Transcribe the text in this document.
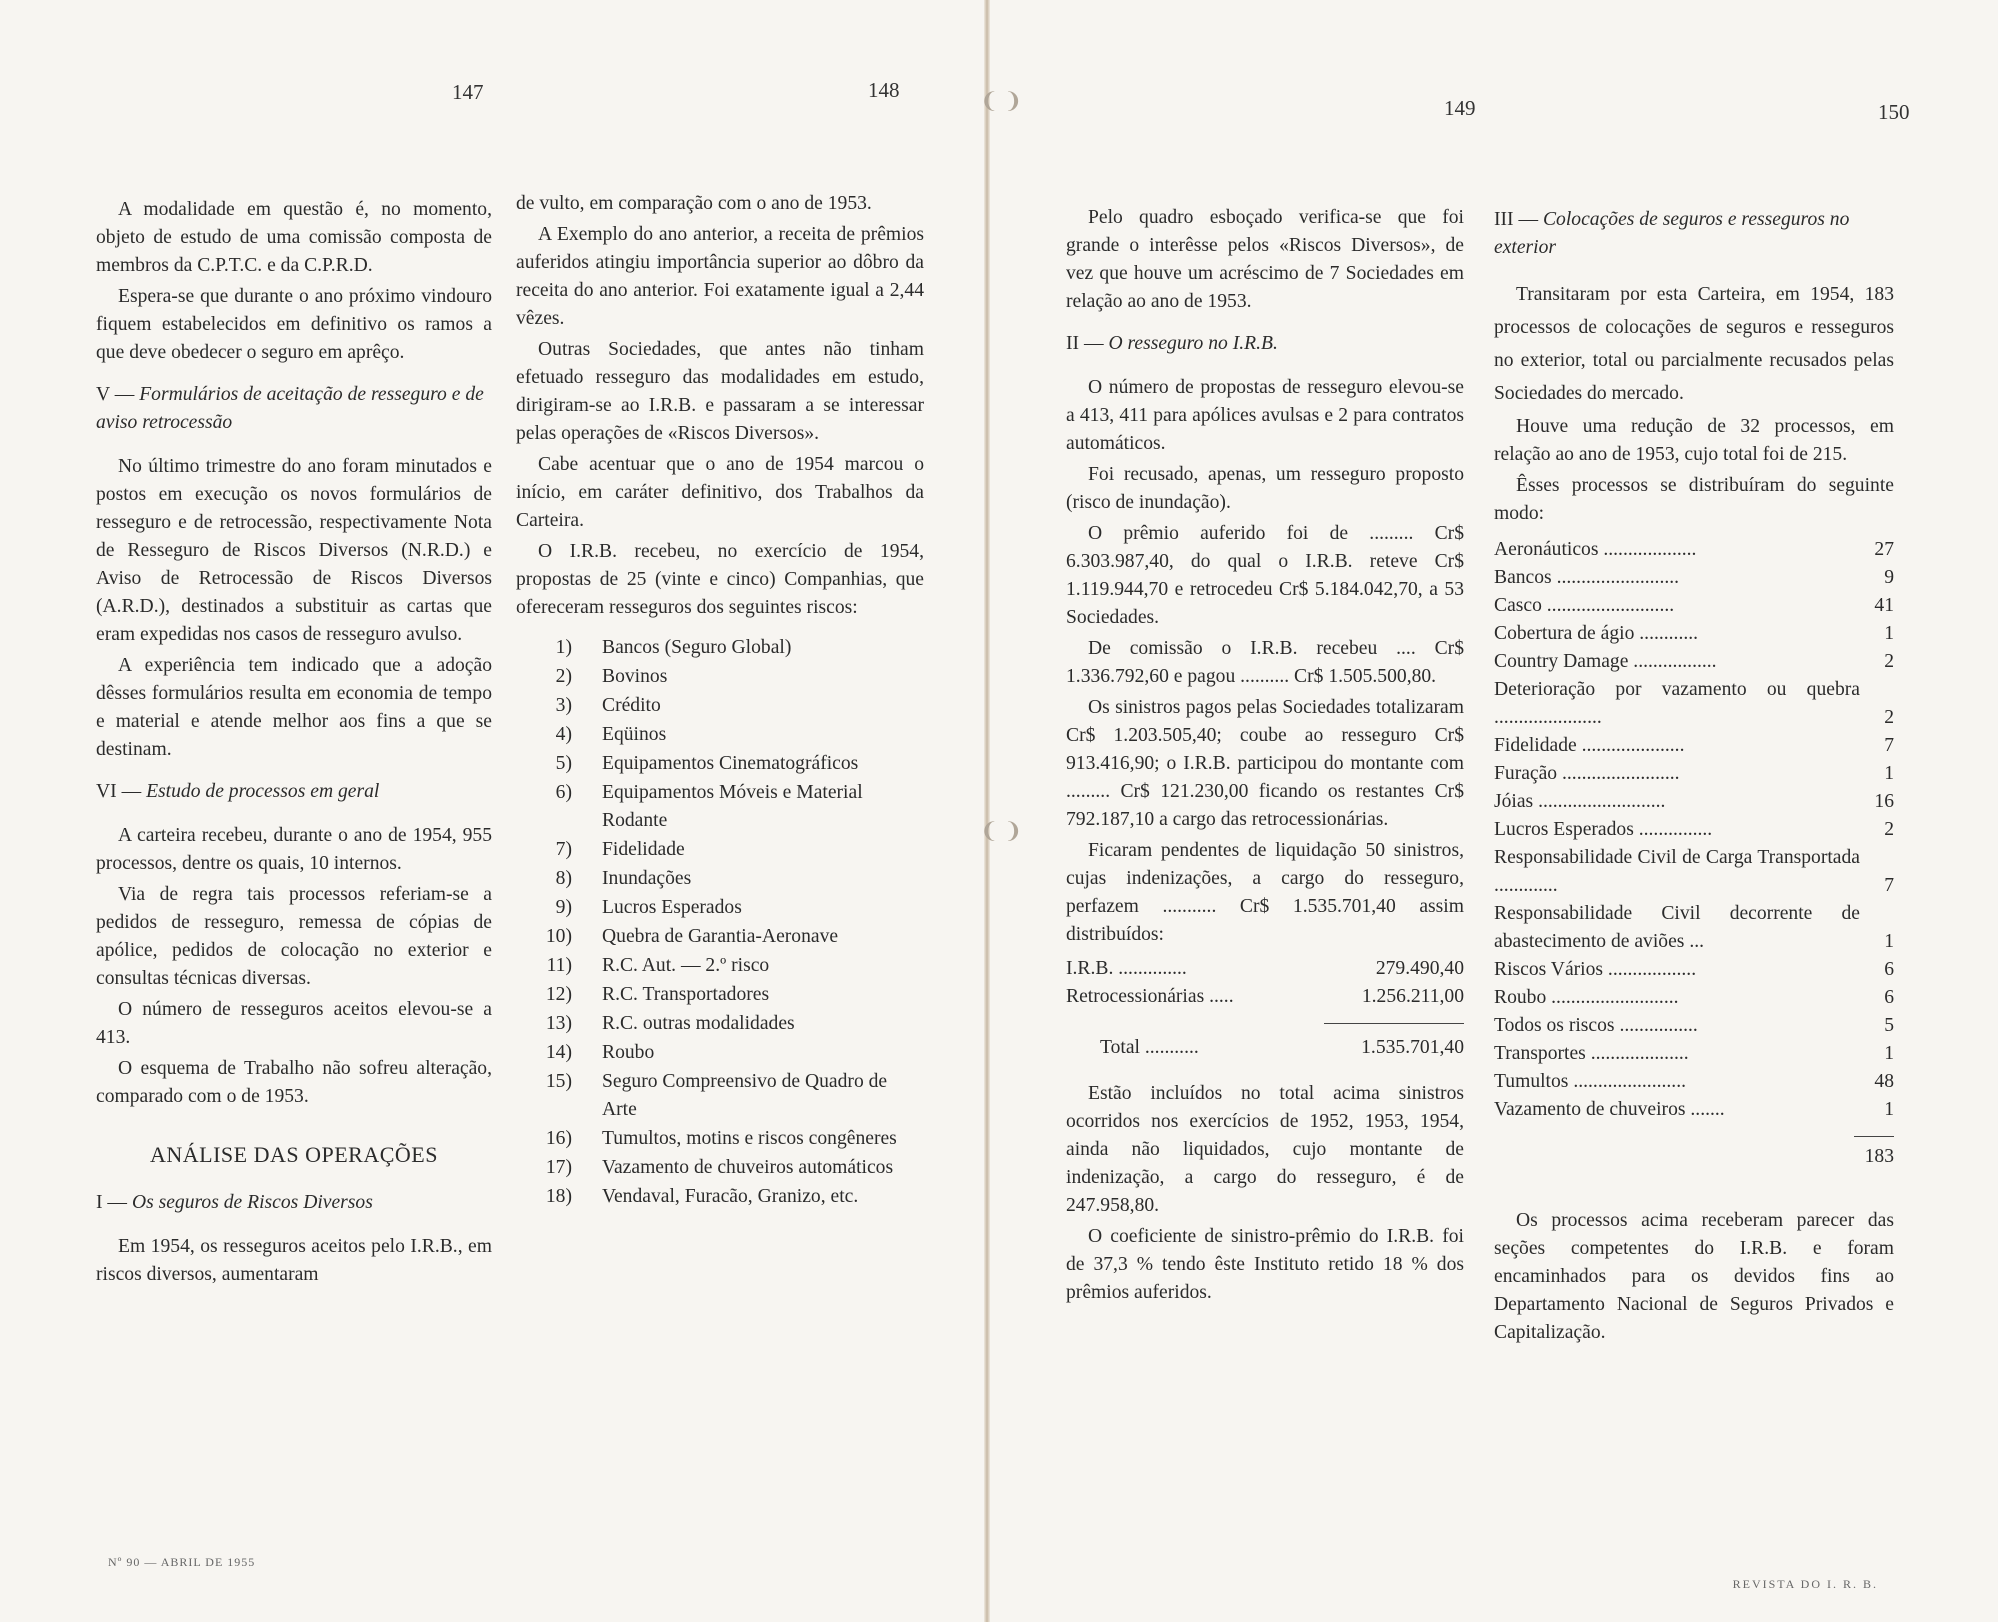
❨ ❩
❨ ❩
147	148

A modalidade em questão é, no momento, objeto de estudo de uma comissão composta de membros da C.P.T.C. e da C.P.R.D.

Espera-se que durante o ano próximo vindouro fiquem estabelecidos em definitivo os ramos a que deve obedecer o seguro em aprêço.

V — Formulários de aceitação de resseguro e de aviso retrocessão

No último trimestre do ano foram minutados e postos em execução os novos formulários de resseguro e de retrocessão, respectivamente Nota de Resseguro de Riscos Diversos (N.R.D.) e Aviso de Retrocessão de Riscos Diversos (A.R.D.), destinados a substituir as cartas que eram expedidas nos casos de resseguro avulso.

A experiência tem indicado que a adoção dêsses formulários resulta em economia de tempo e material e atende melhor aos fins a que se destinam.

VI — Estudo de processos em geral

A carteira recebeu, durante o ano de 1954, 955 processos, dentre os quais, 10 internos.

Via de regra tais processos referiam-se a pedidos de resseguro, remessa de cópias de apólice, pedidos de colocação no exterior e consultas técnicas diversas.

O número de resseguros aceitos elevou-se a 413.

O esquema de Trabalho não sofreu alteração, comparado com o de 1953.

ANÁLISE DAS OPERAÇÕES

I — Os seguros de Riscos Diversos

Em 1954, os resseguros aceitos pelo I.R.B., em riscos diversos, aumentaram

de vulto, em comparação com o ano de 1953.

A Exemplo do ano anterior, a receita de prêmios auferidos atingiu importância superior ao dôbro da receita do ano anterior. Foi exatamente igual a 2,44 vêzes.

Outras Sociedades, que antes não tinham efetuado resseguro das modalidades em estudo, dirigiram-se ao I.R.B. e passaram a se interessar pelas operações de «Riscos Diversos».

Cabe acentuar que o ano de 1954 marcou o início, em caráter definitivo, dos Trabalhos da Carteira.

O I.R.B. recebeu, no exercício de 1954, propostas de 25 (vinte e cinco) Companhias, que ofereceram resseguros dos seguintes riscos:

1)	Bancos (Seguro Global)
2)	Bovinos
3)	Crédito
4)	Eqüinos
5)	Equipamentos Cinematográficos
6)	Equipamentos Móveis e Material Rodante
7)	Fidelidade
8)	Inundações
9)	Lucros Esperados
10)	Quebra de Garantia-Aeronave
11)	R.C. Aut. — 2.º risco
12)	R.C. Transportadores
13)	R.C. outras modalidades
14)	Roubo
15)	Seguro Compreensivo de Quadro de Arte
16)	Tumultos, motins e riscos congêneres
17)	Vazamento de chuveiros automáticos
18)	Vendaval, Furacão, Granizo, etc.
Nº 90 — ABRIL DE 1955
149	150

Pelo quadro esboçado verifica-se que foi grande o interêsse pelos «Riscos Diversos», de vez que houve um acréscimo de 7 Sociedades em relação ao ano de 1953.

II — O resseguro no I.R.B.

O número de propostas de resseguro elevou-se a 413, 411 para apólices avulsas e 2 para contratos automáticos.

Foi recusado, apenas, um resseguro proposto (risco de inundação).

O prêmio auferido foi de ......... Cr$ 6.303.987,40, do qual o I.R.B. reteve Cr$ 1.119.944,70 e retrocedeu Cr$ 5.184.042,70, a 53 Sociedades.

De comissão o I.R.B. recebeu .... Cr$ 1.336.792,60 e pagou .......... Cr$ 1.505.500,80.

Os sinistros pagos pelas Sociedades totalizaram Cr$ 1.203.505,40; coube ao resseguro Cr$ 913.416,90; o I.R.B. participou do montante com ......... Cr$ 121.230,00 ficando os restantes Cr$ 792.187,10 a cargo das retrocessionárias.

Ficaram pendentes de liquidação 50 sinistros, cujas indenizações, a cargo do resseguro, perfazem ........... Cr$ 1.535.701,40 assim distribuídos:

I.R.B. ..............	279.490,40
Retrocessionárias .....	1.256.211,00
Total ...........	1.535.701,40

Estão incluídos no total acima sinistros ocorridos nos exercícios de 1952, 1953, 1954, ainda não liquidados, cujo montante de indenização, a cargo do resseguro, é de 247.958,80.

O coeficiente de sinistro-prêmio do I.R.B. foi de 37,3 % tendo êste Instituto retido 18 % dos prêmios auferidos.

III — Colocações de seguros e resseguros no exterior

Transitaram por esta Carteira, em 1954, 183 processos de colocações de seguros e resseguros no exterior, total ou parcialmente recusados pelas Sociedades do mercado.

Houve uma redução de 32 processos, em relação ao ano de 1953, cujo total foi de 215.

Êsses processos se distribuíram do seguinte modo:

Aeronáuticos ...................	27
Bancos .........................	9
Casco ..........................	41
Cobertura de ágio ............	1
Country Damage .................	2
Deterioração por vazamento ou quebra ......................	2
Fidelidade .....................	7
Furação ........................	1
Jóias ..........................	16
Lucros Esperados ...............	2
Responsabilidade Civil de Carga Transportada .............	7
Responsabilidade Civil decorrente de abastecimento de aviões ...	1
Riscos Vários ..................	6
Roubo ..........................	6
Todos os riscos ................	5
Transportes ....................	1
Tumultos .......................	48
Vazamento de chuveiros .......	1
183

Os processos acima receberam parecer das seções competentes do I.R.B. e foram encaminhados para os devidos fins ao Departamento Nacional de Seguros Privados e Capitalização.

REVISTA DO I. R. B.
